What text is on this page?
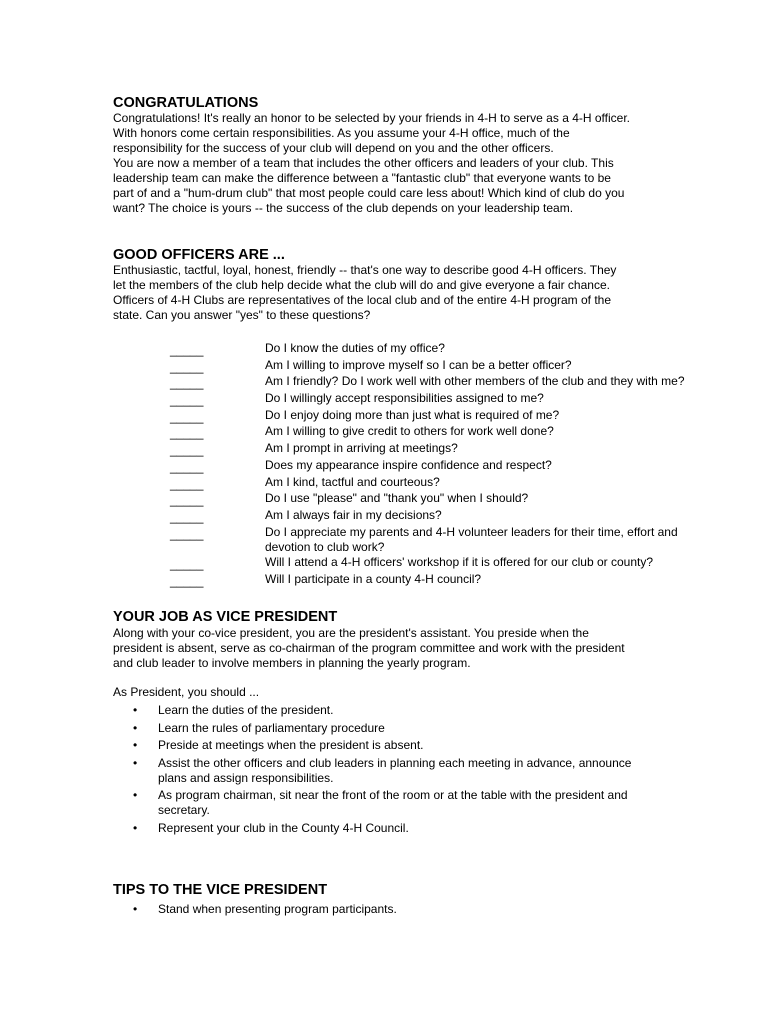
CONGRATULATIONS
Congratulations! It's really an honor to be selected by your friends in 4-H to serve as a 4-H officer.
With honors come certain responsibilities. As you assume your 4-H office, much of the
responsibility for the success of your club will depend on you and the other officers.
You are now a member of a team that includes the other officers and leaders of your club. This
leadership team can make the difference between a "fantastic club" that everyone wants to be
part of and a "hum-drum club" that most people could care less about! Which kind of club do you
want? The choice is yours -- the success of the club depends on your leadership team.
GOOD OFFICERS ARE ...
Enthusiastic, tactful, loyal, honest, friendly -- that's one way to describe good 4-H officers. They
let the members of the club help decide what the club will do and give everyone a fair chance.
Officers of 4-H Clubs are representatives of the local club and of the entire 4-H program of the
state. Can you answer "yes" to these questions?
_____	Do I know the duties of my office?
_____	Am I willing to improve myself so I can be a better officer?
_____	Am I friendly? Do I work well with other members of the club and they with me?
_____	Do I willingly accept responsibilities assigned to me?
_____	Do I enjoy doing more than just what is required of me?
_____	Am I willing to give credit to others for work well done?
_____	Am I prompt in arriving at meetings?
_____	Does my appearance inspire confidence and respect?
_____	Am I kind, tactful and courteous?
_____	Do I use "please" and "thank you" when I should?
_____	Am I always fair in my decisions?
_____	Do I appreciate my parents and 4-H volunteer leaders for their time, effort and
devotion to club work?
_____	Will I attend a 4-H officers' workshop if it is offered for our club or county?
_____	Will I participate in a county 4-H council?
YOUR JOB AS VICE PRESIDENT
Along with your co-vice president, you are the president's assistant. You preside when the
president is absent, serve as co-chairman of the program committee and work with the president
and club leader to involve members in planning the yearly program.
As President, you should ...
• Learn the duties of the president.
• Learn the rules of parliamentary procedure
• Preside at meetings when the president is absent.
• Assist the other officers and club leaders in planning each meeting in advance, announce
plans and assign responsibilities.
• As program chairman, sit near the front of the room or at the table with the president and
secretary.
• Represent your club in the County 4-H Council.
TIPS TO THE VICE PRESIDENT
• Stand when presenting program participants.
